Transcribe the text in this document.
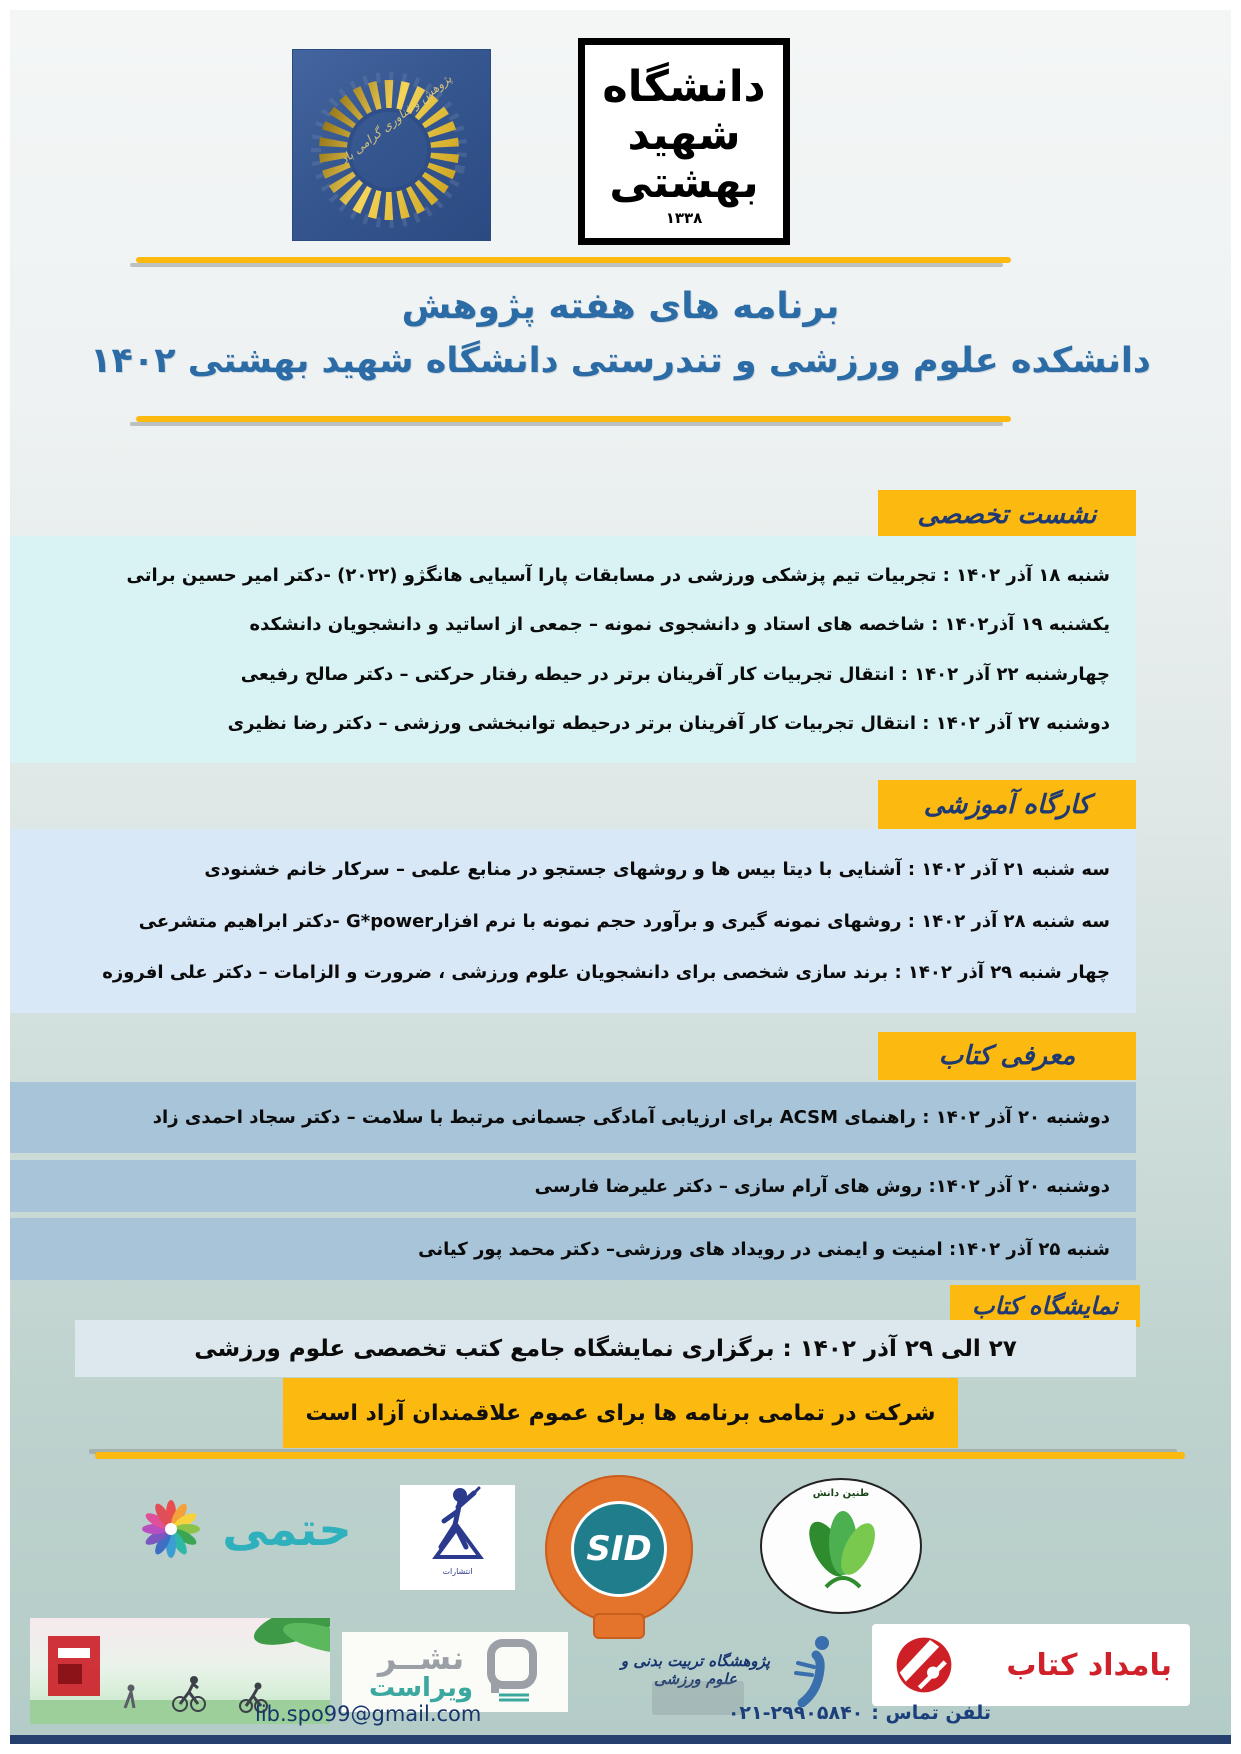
پژوهش و فناوری گرامی باد	دانشگاه
شهید
بهشتی
۱۳۳۸
برنامه های هفته پژوهش
دانشکده علوم ورزشی و تندرستی دانشگاه شهید بهشتی ۱۴۰۲
نشست تخصصی
شنبه ۱۸ آذر ۱۴۰۲ : تجربیات تیم پزشکی ورزشی در مسابقات پارا آسیایی هانگژو (۲۰۲۲) -دکتر امیر حسین براتی
یکشنبه ۱۹ آذر۱۴۰۲ : شاخصه های استاد و دانشجوی نمونه – جمعی از اساتید و دانشجویان دانشکده
چهارشنبه ۲۲ آذر ۱۴۰۲ : انتقال تجربیات کار آفرینان برتر در حیطه رفتار حرکتی – دکتر صالح رفیعی
دوشنبه ۲۷ آذر ۱۴۰۲ : انتقال تجربیات کار آفرینان برتر درحیطه توانبخشی ورزشی – دکتر رضا نظیری
کارگاه آموزشی
سه شنبه ۲۱ آذر ۱۴۰۲ : آشنایی با دیتا بیس ها و روشهای جستجو در منابع علمی – سرکار خانم خشنودی
سه شنبه ۲۸ آذر ۱۴۰۲ : روشهای نمونه گیری و برآورد حجم نمونه با نرم افزارG*power -دکتر ابراهیم متشرعی
چهار شنبه ۲۹ آذر ۱۴۰۲ : برند سازی شخصی برای دانشجویان علوم ورزشی ، ضرورت و الزامات – دکتر علی افروزه
معرفی کتاب
دوشنبه ۲۰ آذر ۱۴۰۲ : راهنمای ACSM برای ارزیابی آمادگی جسمانی مرتبط با سلامت – دکتر سجاد احمدی زاد
دوشنبه ۲۰ آذر ۱۴۰۲: روش های آرام سازی – دکتر علیرضا فارسی
شنبه ۲۵ آذر ۱۴۰۲: امنیت و ایمنی در رویداد های ورزشی– دکتر محمد پور کیانی
نمایشگاه کتاب
۲۷ الی ۲۹ آذر ۱۴۰۲ : برگزاری نمایشگاه جامع کتب تخصصی علوم ورزشی
شرکت در تمامی برنامه ها برای عموم علاقمندان آزاد است
حتمی
انتشارات
SID
طنین دانش
نشــر
ویراست
پژوهشگاه تربیت بدنی و علوم ورزشی	بامداد کتاب
lib.spo99@gmail.com	تلفن تماس :
۰۲۱-۲۹۹۰۵۸۴۰
